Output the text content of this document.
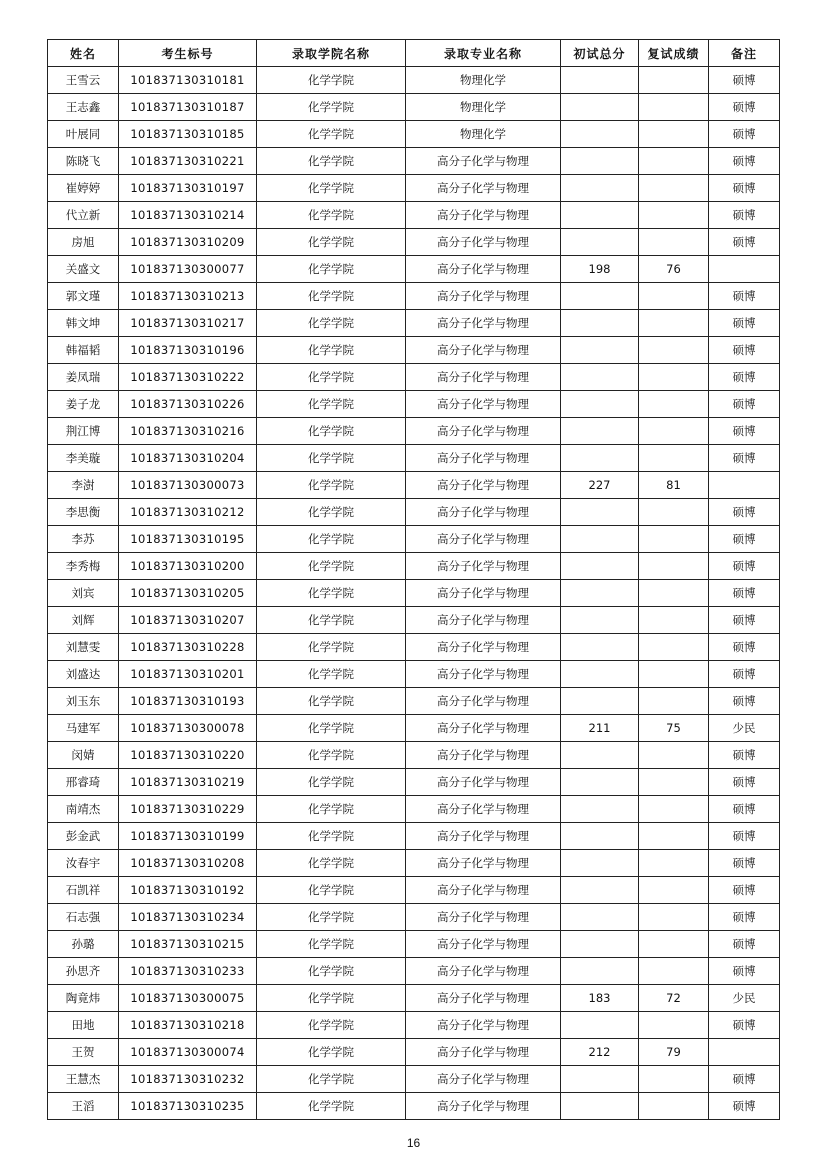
姓名	考生标号	录取学院名称	录取专业名称	初试总分	复试成绩	备注
王雪云	101837130310181	化学学院	物理化学			硕博
王志鑫	101837130310187	化学学院	物理化学			硕博
叶展同	101837130310185	化学学院	物理化学			硕博
陈晓飞	101837130310221	化学学院	高分子化学与物理			硕博
崔婷婷	101837130310197	化学学院	高分子化学与物理			硕博
代立新	101837130310214	化学学院	高分子化学与物理			硕博
房旭	101837130310209	化学学院	高分子化学与物理			硕博
关盛文	101837130300077	化学学院	高分子化学与物理	198	76	
郭文瑾	101837130310213	化学学院	高分子化学与物理			硕博
韩文坤	101837130310217	化学学院	高分子化学与物理			硕博
韩福韬	101837130310196	化学学院	高分子化学与物理			硕博
姜凤瑞	101837130310222	化学学院	高分子化学与物理			硕博
姜子龙	101837130310226	化学学院	高分子化学与物理			硕博
荆江博	101837130310216	化学学院	高分子化学与物理			硕博
李美璇	101837130310204	化学学院	高分子化学与物理			硕博
李澍	101837130300073	化学学院	高分子化学与物理	227	81	
李思衡	101837130310212	化学学院	高分子化学与物理			硕博
李苏	101837130310195	化学学院	高分子化学与物理			硕博
李秀梅	101837130310200	化学学院	高分子化学与物理			硕博
刘宾	101837130310205	化学学院	高分子化学与物理			硕博
刘辉	101837130310207	化学学院	高分子化学与物理			硕博
刘慧雯	101837130310228	化学学院	高分子化学与物理			硕博
刘盛达	101837130310201	化学学院	高分子化学与物理			硕博
刘玉东	101837130310193	化学学院	高分子化学与物理			硕博
马建军	101837130300078	化学学院	高分子化学与物理	211	75	少民
闵婧	101837130310220	化学学院	高分子化学与物理			硕博
邢睿琦	101837130310219	化学学院	高分子化学与物理			硕博
南靖杰	101837130310229	化学学院	高分子化学与物理			硕博
彭金武	101837130310199	化学学院	高分子化学与物理			硕博
汝春宇	101837130310208	化学学院	高分子化学与物理			硕博
石凯祥	101837130310192	化学学院	高分子化学与物理			硕博
石志强	101837130310234	化学学院	高分子化学与物理			硕博
孙璐	101837130310215	化学学院	高分子化学与物理			硕博
孙思齐	101837130310233	化学学院	高分子化学与物理			硕博
陶竟炜	101837130300075	化学学院	高分子化学与物理	183	72	少民
田地	101837130310218	化学学院	高分子化学与物理			硕博
王贺	101837130300074	化学学院	高分子化学与物理	212	79	
王慧杰	101837130310232	化学学院	高分子化学与物理			硕博
王滔	101837130310235	化学学院	高分子化学与物理			硕博
16
